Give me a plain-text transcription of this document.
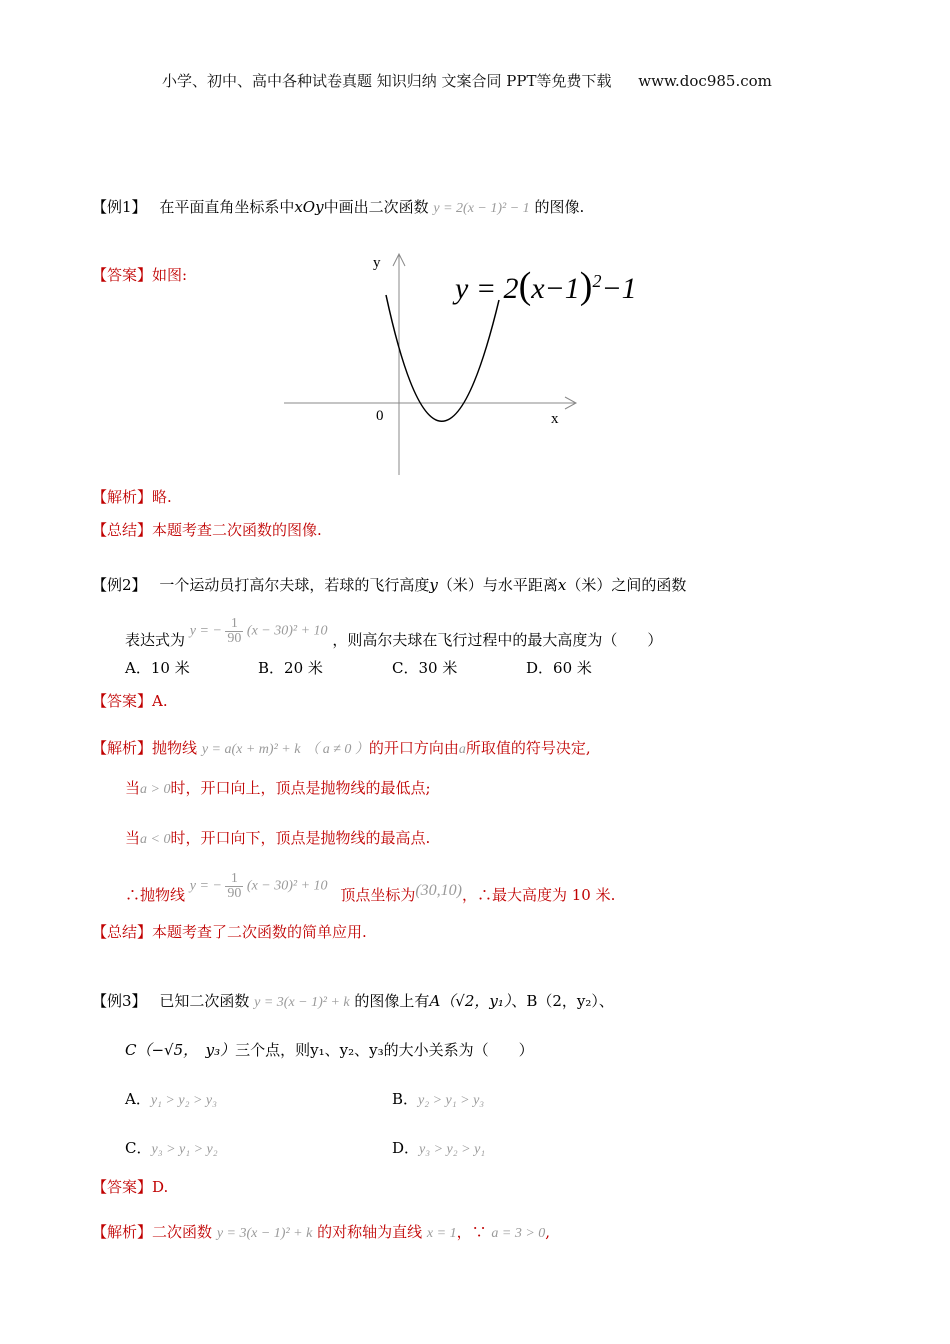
小学、初中、高中各种试卷真题 知识归纳 文案合同 PPT等免费下载 www.doc985.com
【例1】 在平面直角坐标系中xOy中画出二次函数 y = 2(x − 1)² − 1 的图像.
【答案】如图:
y
x
0
$y = 2(x-1)^2-1$
【解析】略.
【总结】本题考查二次函数的图像.
【例2】 一个运动员打高尔夫球，若球的飞行高度y（米）与水平距离x（米）之间的函数
表达式为 y = − $\frac{1}{90} (x - 30)^2 + 10$ ，则高尔夫球在飞行过程中的最大高度为（　　）
A．10 米	B．20 米	C．30 米	D．60 米
【答案】A.
【解析】抛物线 y = a(x + m)² + k （ a ≠ 0 ）的开口方向由a所取值的符号决定,
当a > 0时，开口向上，顶点是抛物线的最低点;
当a < 0时，开口向下，顶点是抛物线的最高点.
∴抛物线 y = − $\frac{1}{90} (x - 30)^2 + 10$ 顶点坐标为(30,10)，∴最大高度为 10 米.
【总结】本题考查了二次函数的简单应用.
【例3】 已知二次函数 y = 3(x − 1)² + k 的图像上有A（√2，y₁）、B（2，y₂）、
C（−√5，　y₃）三个点，则y₁、y₂、y₃的大小关系为（　　）
A．y₁ > y₂ > y₃	B．y₂ > y₁ > y₃
C．y₃ > y₁ > y₂	D．y₃ > y₂ > y₁
【答案】D.
【解析】二次函数 y = 3(x − 1)² + k 的对称轴为直线 x = 1，∵ a = 3 > 0,
